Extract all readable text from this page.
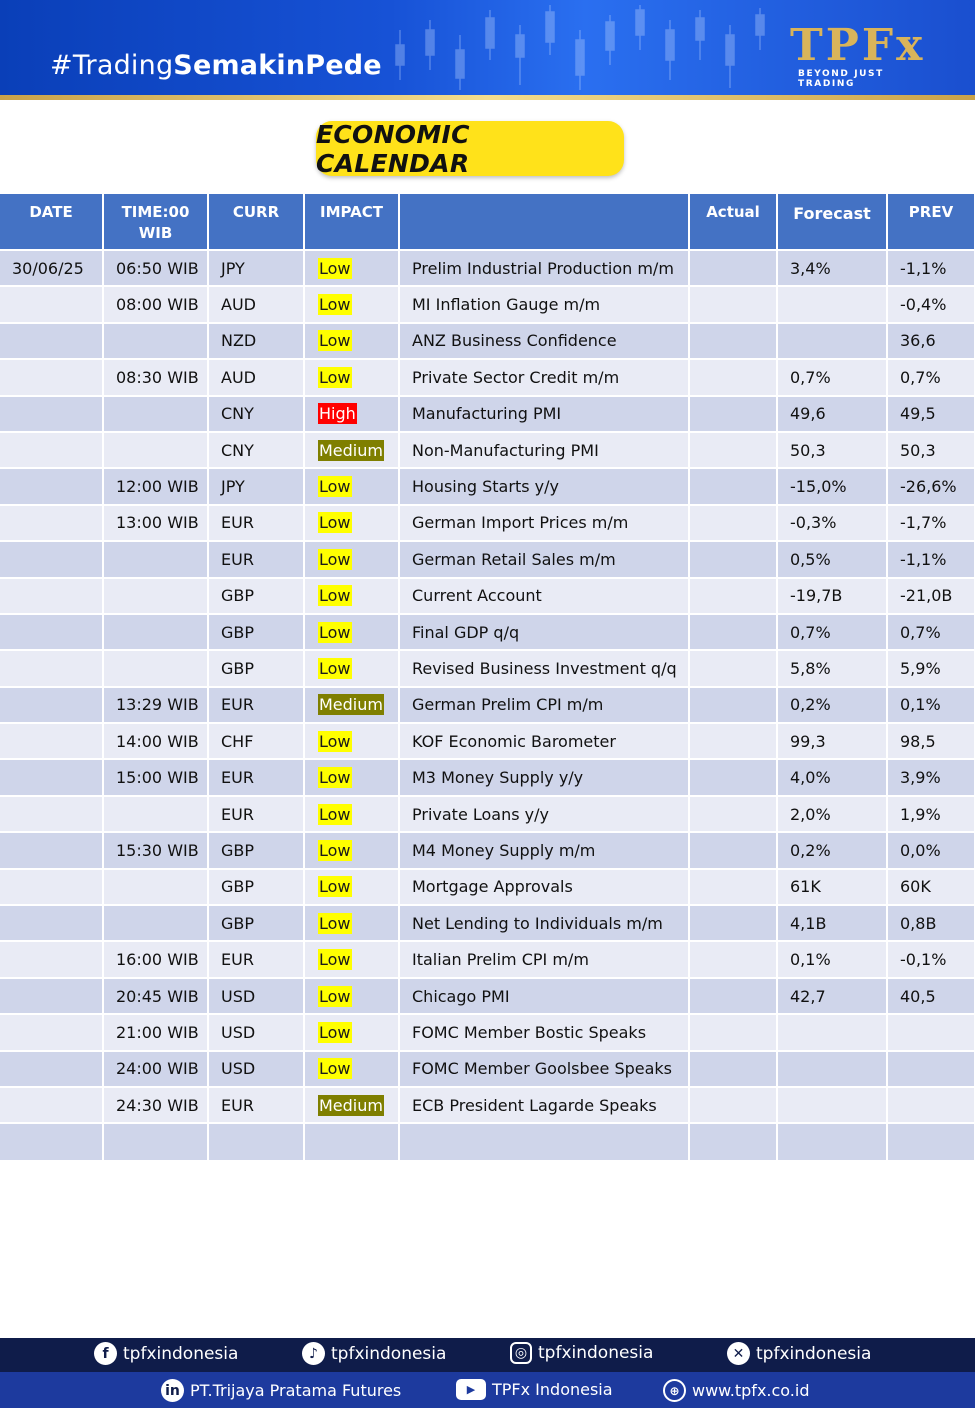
#TradingSemakinPede	TPFx
BEYOND JUST TRADING
ECONOMIC CALENDAR
DATE	TIME:00
WIB	CURR	IMPACT		Actual	Forecast	PREV
30/06/25	06:50 WIB	JPY	Low	Prelim Industrial Production m/m		3,4%	-1,1%
	08:00 WIB	AUD	Low	MI Inflation Gauge m/m			-0,4%
		NZD	Low	ANZ Business Confidence			36,6
	08:30 WIB	AUD	Low	Private Sector Credit m/m		0,7%	0,7%
		CNY	High	Manufacturing PMI		49,6	49,5
		CNY	Medium	Non-Manufacturing PMI		50,3	50,3
	12:00 WIB	JPY	Low	Housing Starts y/y		-15,0%	-26,6%
	13:00 WIB	EUR	Low	German Import Prices m/m		-0,3%	-1,7%
		EUR	Low	German Retail Sales m/m		0,5%	-1,1%
		GBP	Low	Current Account		-19,7B	-21,0B
		GBP	Low	Final GDP q/q		0,7%	0,7%
		GBP	Low	Revised Business Investment q/q		5,8%	5,9%
	13:29 WIB	EUR	Medium	German Prelim CPI m/m		0,2%	0,1%
	14:00 WIB	CHF	Low	KOF Economic Barometer		99,3	98,5
	15:00 WIB	EUR	Low	M3 Money Supply y/y		4,0%	3,9%
		EUR	Low	Private Loans y/y		2,0%	1,9%
	15:30 WIB	GBP	Low	M4 Money Supply m/m		0,2%	0,0%
		GBP	Low	Mortgage Approvals		61K	60K
		GBP	Low	Net Lending to Individuals m/m		4,1B	0,8B
	16:00 WIB	EUR	Low	Italian Prelim CPI m/m		0,1%	-0,1%
	20:45 WIB	USD	Low	Chicago PMI		42,7	40,5
	21:00 WIB	USD	Low	FOMC Member Bostic Speaks			
	24:00 WIB	USD	Low	FOMC Member Goolsbee Speaks			
	24:30 WIB	EUR	Medium	ECB President Lagarde Speaks			

f tpfxindonesia	♪ tpfxindonesia	◎ tpfxindonesia	✕ tpfxindonesia
in PT.Trijaya Pratama Futures	▶	TPFx Indonesia	⊕ www.tpfx.co.id
